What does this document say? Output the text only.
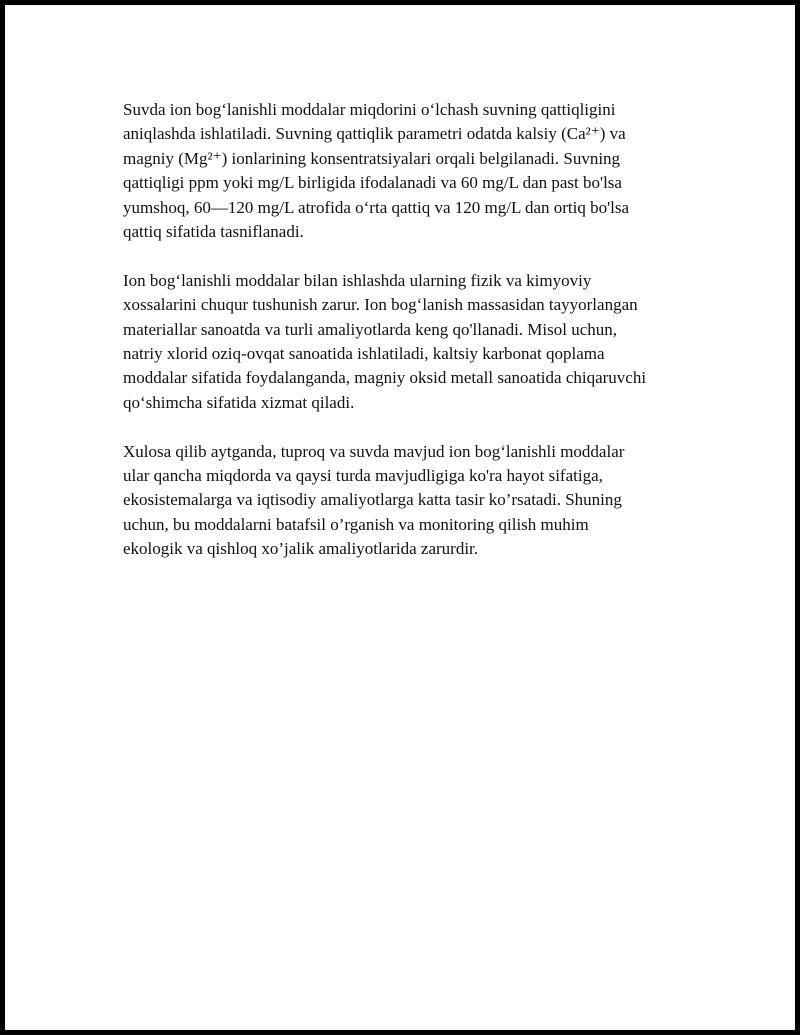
Suvda ion bog‘lanishli moddalar miqdorini o‘lchash suvning qattiqligini
aniqlashda ishlatiladi. Suvning qattiqlik parametri odatda kalsiy (Ca²⁺) va
magniy (Mg²⁺) ionlarining konsentratsiyalari orqali belgilanadi. Suvning
qattiqligi ppm yoki mg/L birligida ifodalanadi va 60 mg/L dan past bo'lsa
yumshoq, 60—120 mg/L atrofida o‘rta qattiq va 120 mg/L dan ortiq bo'lsa
qattiq sifatida tasniflanadi.

Ion bog‘lanishli moddalar bilan ishlashda ularning fizik va kimyoviy
xossalarini chuqur tushunish zarur. Ion bog‘lanish massasidan tayyorlangan
materiallar sanoatda va turli amaliyotlarda keng qo'llanadi. Misol uchun,
natriy xlorid oziq-ovqat sanoatida ishlatiladi, kaltsiy karbonat qoplama
moddalar sifatida foydalanganda, magniy oksid metall sanoatida chiqaruvchi
qo‘shimcha sifatida xizmat qiladi.

Xulosa qilib aytganda, tuproq va suvda mavjud ion bog‘lanishli moddalar
ular qancha miqdorda va qaysi turda mavjudligiga ko'ra hayot sifatiga,
ekosistemalarga va iqtisodiy amaliyotlarga katta tasir ko’rsatadi. Shuning
uchun, bu moddalarni batafsil o’rganish va monitoring qilish muhim
ekologik va qishloq xo’jalik amaliyotlarida zarurdir.
